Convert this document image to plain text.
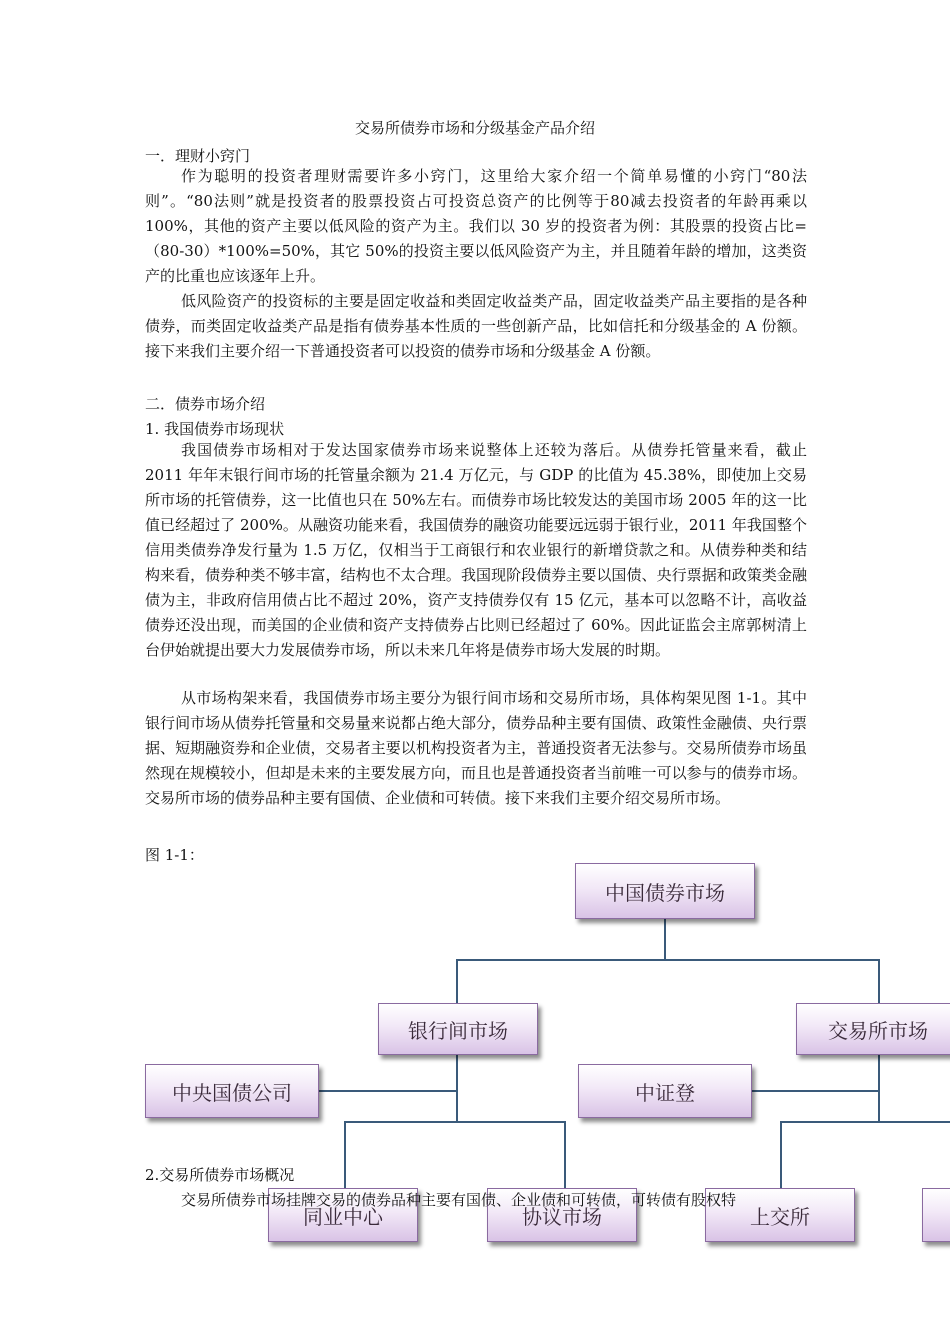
交易所债券市场和分级基金产品介绍
一．理财小窍门
作为聪明的投资者理财需要许多小窍门，这里给大家介绍一个简单易懂的小窍门“80法则”。“80法则”就是投资者的股票投资占可投资总资产的比例等于80减去投资者的年龄再乘以 100%，其他的资产主要以低风险的资产为主。我们以 30 岁的投资者为例：其股票的投资占比=（80-30）*100%=50%，其它 50%的投资主要以低风险资产为主，并且随着年龄的增加，这类资产的比重也应该逐年上升。
低风险资产的投资标的主要是固定收益和类固定收益类产品，固定收益类产品主要指的是各种债券，而类固定收益类产品是指有债券基本性质的一些创新产品，比如信托和分级基金的 A 份额。接下来我们主要介绍一下普通投资者可以投资的债券市场和分级基金 A 份额。
二．债券市场介绍
1. 我国债券市场现状
我国债券市场相对于发达国家债券市场来说整体上还较为落后。从债券托管量来看，截止 2011 年年末银行间市场的托管量余额为 21.4 万亿元，与 GDP 的比值为 45.38%，即使加上交易所市场的托管债券，这一比值也只在 50%左右。而债券市场比较发达的美国市场 2005 年的这一比值已经超过了 200%。从融资功能来看，我国债券的融资功能要远远弱于银行业，2011 年我国整个信用类债券净发行量为 1.5 万亿，仅相当于工商银行和农业银行的新增贷款之和。从债券种类和结构来看，债券种类不够丰富，结构也不太合理。我国现阶段债券主要以国债、央行票据和政策类金融债为主，非政府信用债占比不超过 20%，资产支持债券仅有 15 亿元，基本可以忽略不计，高收益债券还没出现，而美国的企业债和资产支持债券占比则已经超过了 60%。因此证监会主席郭树清上台伊始就提出要大力发展债券市场，所以未来几年将是债券市场大发展的时期。
从市场构架来看，我国债券市场主要分为银行间市场和交易所市场，具体构架见图 1-1。其中银行间市场从债券托管量和交易量来说都占绝大部分，债券品种主要有国债、政策性金融债、央行票据、短期融资券和企业债，交易者主要以机构投资者为主，普通投资者无法参与。交易所债券市场虽然现在规模较小，但却是未来的主要发展方向，而且也是普通投资者当前唯一可以参与的债券市场。交易所市场的债券品种主要有国债、企业债和可转债。接下来我们主要介绍交易所市场。
图 1-1：
中国债券市场
银行间市场	交易所市场
中央国债公司	中证登
同业中心	协议市场	上交所
2.交易所债券市场概况
交易所债券市场挂牌交易的债券品种主要有国债、企业债和可转债，可转债有股权特
